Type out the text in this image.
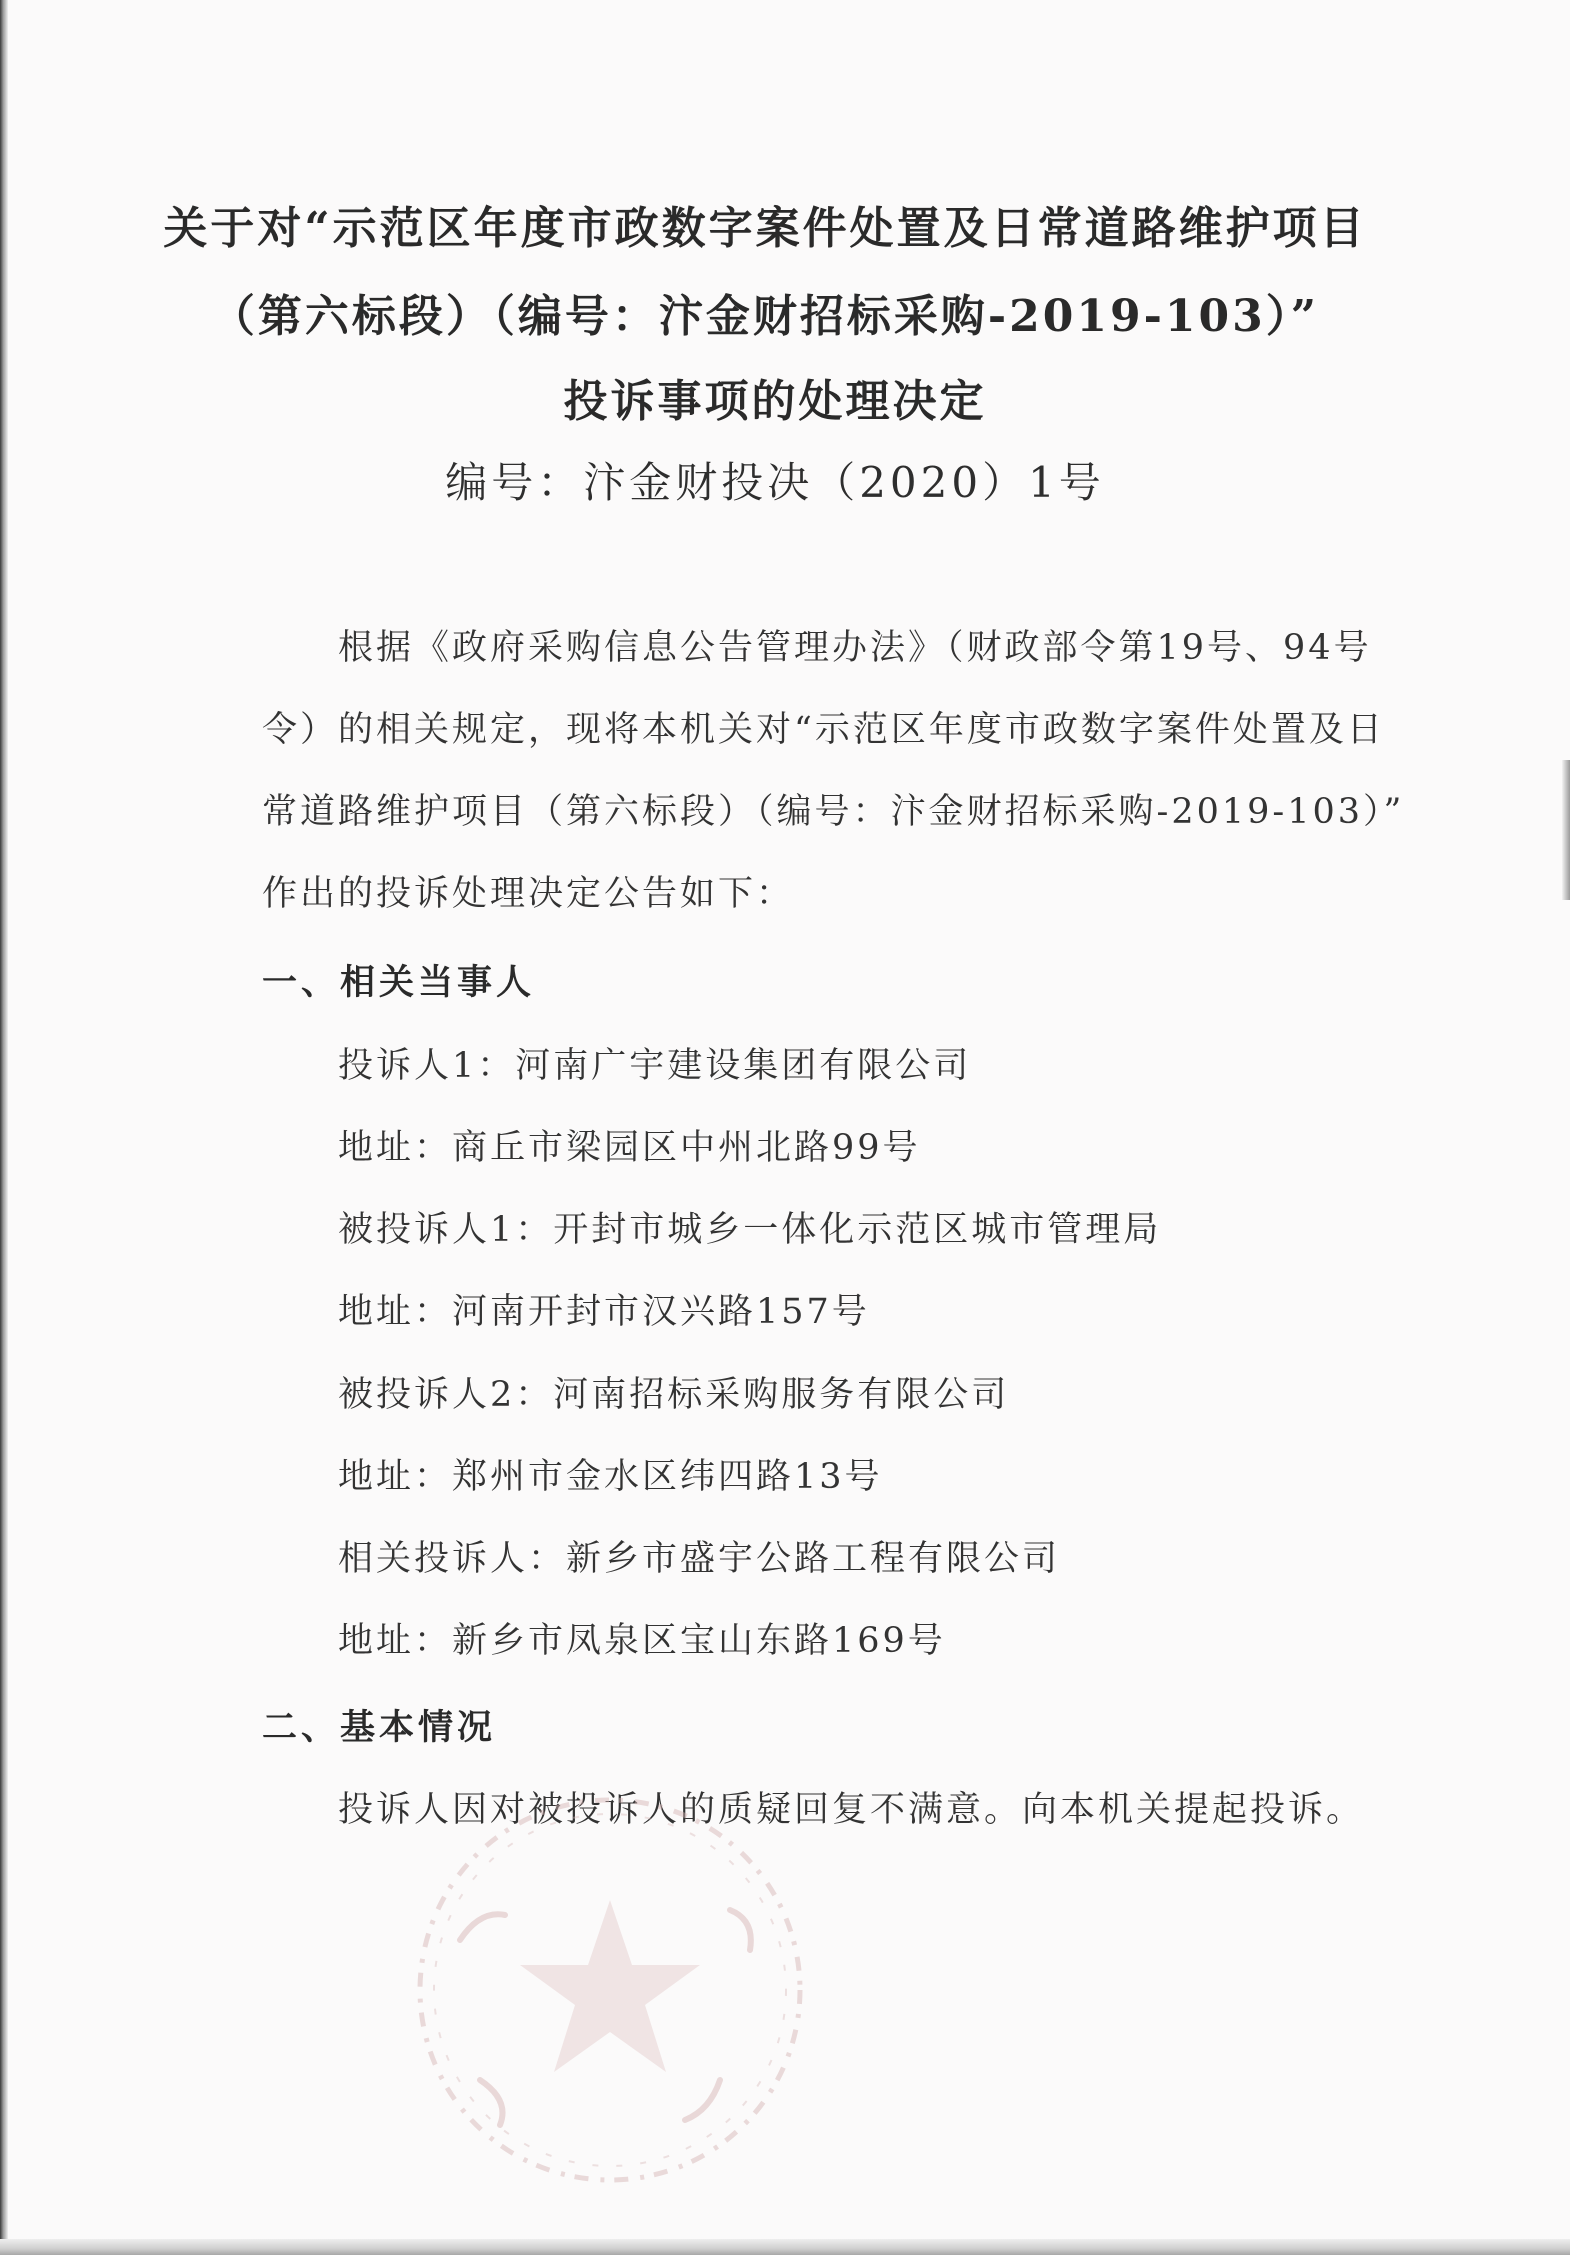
关于对“示范区年度市政数字案件处置及日常道路维护项目
（第六标段）（编号：汴金财招标采购-2019-103）”
投诉事项的处理决定
编号：汴金财投决（2020）1号
根据《政府采购信息公告管理办法》（财政部令第19号、94号
令）的相关规定，现将本机关对“示范区年度市政数字案件处置及日
常道路维护项目（第六标段）（编号：汴金财招标采购-2019-103）”
作出的投诉处理决定公告如下：
一、相关当事人
投诉人1：河南广宇建设集团有限公司
地址：商丘市梁园区中州北路99号
被投诉人1：开封市城乡一体化示范区城市管理局
地址：河南开封市汉兴路157号
被投诉人2：河南招标采购服务有限公司
地址：郑州市金水区纬四路13号
相关投诉人：新乡市盛宇公路工程有限公司
地址：新乡市凤泉区宝山东路169号
二、基本情况
投诉人因对被投诉人的质疑回复不满意。向本机关提起投诉。
